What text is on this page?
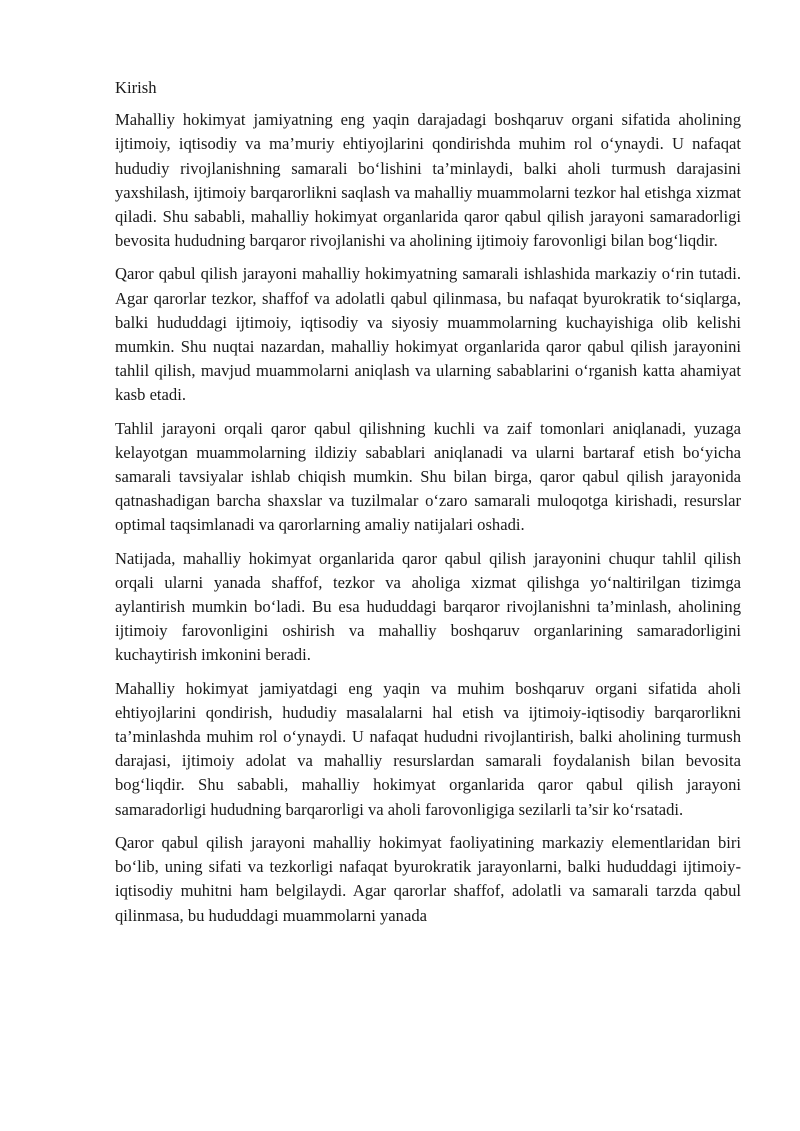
Kirish

Mahalliy hokimyat jamiyatning eng yaqin darajadagi boshqaruv organi sifatida aholining ijtimoiy, iqtisodiy va ma’muriy ehtiyojlarini qondirishda muhim rol o‘ynaydi. U nafaqat hududiy rivojlanishning samarali bo‘lishini ta’minlaydi, balki aholi turmush darajasini yaxshilash, ijtimoiy barqarorlikni saqlash va mahalliy muammolarni tezkor hal etishga xizmat qiladi. Shu sababli, mahalliy hokimyat organlarida qaror qabul qilish jarayoni samaradorligi bevosita hududning barqaror rivojlanishi va aholining ijtimoiy farovonligi bilan bog‘liqdir.

Qaror qabul qilish jarayoni mahalliy hokimyatning samarali ishlashida markaziy o‘rin tutadi. Agar qarorlar tezkor, shaffof va adolatli qabul qilinmasa, bu nafaqat byurokratik to‘siqlarga, balki hududdagi ijtimoiy, iqtisodiy va siyosiy muammolarning kuchayishiga olib kelishi mumkin. Shu nuqtai nazardan, mahalliy hokimyat organlarida qaror qabul qilish jarayonini tahlil qilish, mavjud muammolarni aniqlash va ularning sabablarini o‘rganish katta ahamiyat kasb etadi.

Tahlil jarayoni orqali qaror qabul qilishning kuchli va zaif tomonlari aniqlanadi, yuzaga kelayotgan muammolarning ildiziy sabablari aniqlanadi va ularni bartaraf etish bo‘yicha samarali tavsiyalar ishlab chiqish mumkin. Shu bilan birga, qaror qabul qilish jarayonida qatnashadigan barcha shaxslar va tuzilmalar o‘zaro samarali muloqotga kirishadi, resurslar optimal taqsimlanadi va qarorlarning amaliy natijalari oshadi.

Natijada, mahalliy hokimyat organlarida qaror qabul qilish jarayonini chuqur tahlil qilish orqali ularni yanada shaffof, tezkor va aholiga xizmat qilishga yo‘naltirilgan tizimga aylantirish mumkin bo‘ladi. Bu esa hududdagi barqaror rivojlanishni ta’minlash, aholining ijtimoiy farovonligini oshirish va mahalliy boshqaruv organlarining samaradorligini kuchaytirish imkonini beradi.

Mahalliy hokimyat jamiyatdagi eng yaqin va muhim boshqaruv organi sifatida aholi ehtiyojlarini qondirish, hududiy masalalarni hal etish va ijtimoiy-iqtisodiy barqarorlikni ta’minlashda muhim rol o‘ynaydi. U nafaqat hududni rivojlantirish, balki aholining turmush darajasi, ijtimoiy adolat va mahalliy resurslardan samarali foydalanish bilan bevosita bog‘liqdir. Shu sababli, mahalliy hokimyat organlarida qaror qabul qilish jarayoni samaradorligi hududning barqarorligi va aholi farovonligiga sezilarli ta’sir ko‘rsatadi.

Qaror qabul qilish jarayoni mahalliy hokimyat faoliyatining markaziy elementlaridan biri bo‘lib, uning sifati va tezkorligi nafaqat byurokratik jarayonlarni, balki hududdagi ijtimoiy-iqtisodiy muhitni ham belgilaydi. Agar qarorlar shaffof, adolatli va samarali tarzda qabul qilinmasa, bu hududdagi muammolarni yanada
